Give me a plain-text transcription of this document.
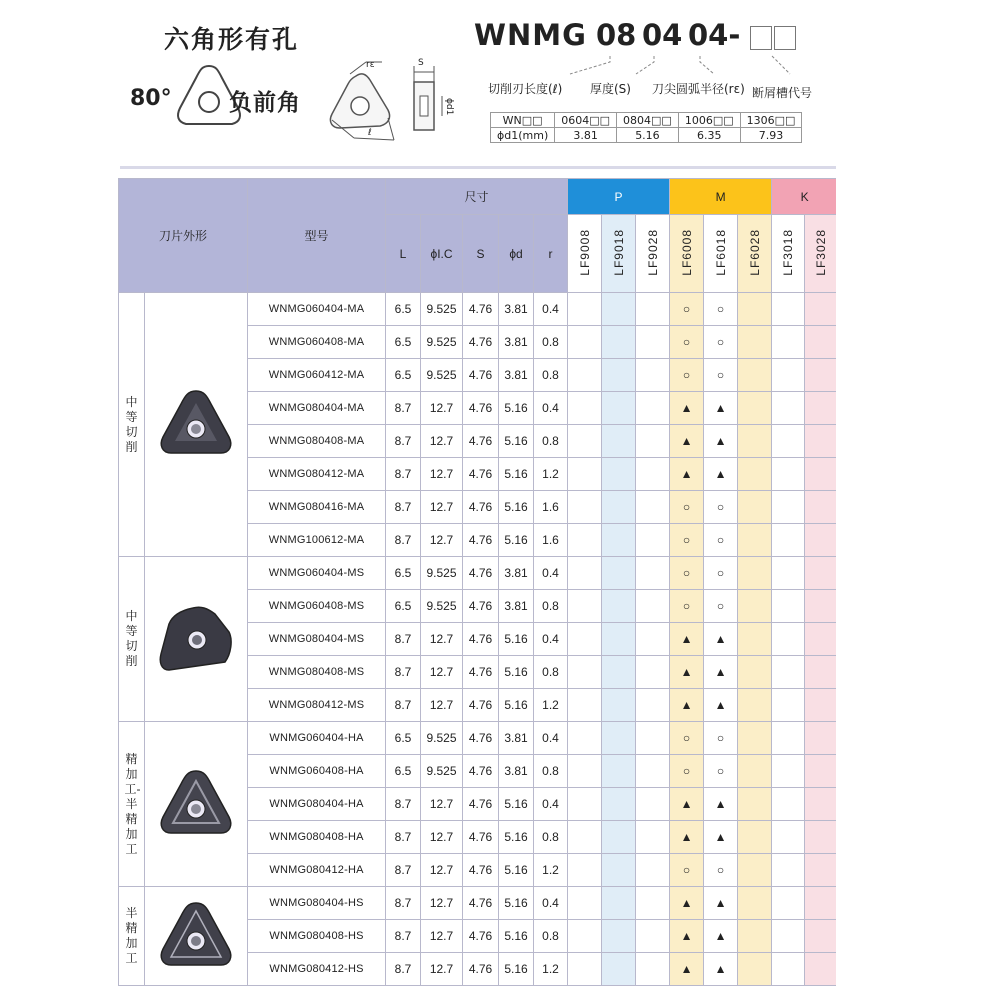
六角形有孔
80° 负前角
rε
ℓ
S
ϕd1
WNMG 08 04 04-
切削刃长度(ℓ) 厚度(S) 刀尖圆弧半径(rε) 断屑槽代号
WN□□	0604□□	0804□□	1006□□	1306□□
ϕd1(mm)	3.81	5.16	6.35	7.93
刀片外形		型号	尺寸					P			M			K	
			L	ϕI.C	S	ϕd	r	LF9008	LF9018	LF9028	LF6008	LF6018	LF6028	LF3018	LF3028
中等切削		WNMG060404-MA	6.5	9.525	4.76	3.81	0.4				○	○			
		WNMG060408-MA	6.5	9.525	4.76	3.81	0.8				○	○			
		WNMG060412-MA	6.5	9.525	4.76	3.81	0.8				○	○			
		WNMG080404-MA	8.7	12.7	4.76	5.16	0.4				▲	▲			
		WNMG080408-MA	8.7	12.7	4.76	5.16	0.8				▲	▲			
		WNMG080412-MA	8.7	12.7	4.76	5.16	1.2				▲	▲			
		WNMG080416-MA	8.7	12.7	4.76	5.16	1.6				○	○			
		WNMG100612-MA	8.7	12.7	4.76	5.16	1.6				○	○			
中等切削		WNMG060404-MS	6.5	9.525	4.76	3.81	0.4				○	○			
		WNMG060408-MS	6.5	9.525	4.76	3.81	0.8				○	○			
		WNMG080404-MS	8.7	12.7	4.76	5.16	0.4				▲	▲			
		WNMG080408-MS	8.7	12.7	4.76	5.16	0.8				▲	▲			
		WNMG080412-MS	8.7	12.7	4.76	5.16	1.2				▲	▲			
精加工-半精加工		WNMG060404-HA	6.5	9.525	4.76	3.81	0.4				○	○			
		WNMG060408-HA	6.5	9.525	4.76	3.81	0.8				○	○			
		WNMG080404-HA	8.7	12.7	4.76	5.16	0.4				▲	▲			
		WNMG080408-HA	8.7	12.7	4.76	5.16	0.8				▲	▲			
		WNMG080412-HA	8.7	12.7	4.76	5.16	1.2				○	○			
半精加工		WNMG080404-HS	8.7	12.7	4.76	5.16	0.4				▲	▲			
		WNMG080408-HS	8.7	12.7	4.76	5.16	0.8				▲	▲			
		WNMG080412-HS	8.7	12.7	4.76	5.16	1.2				▲	▲			
